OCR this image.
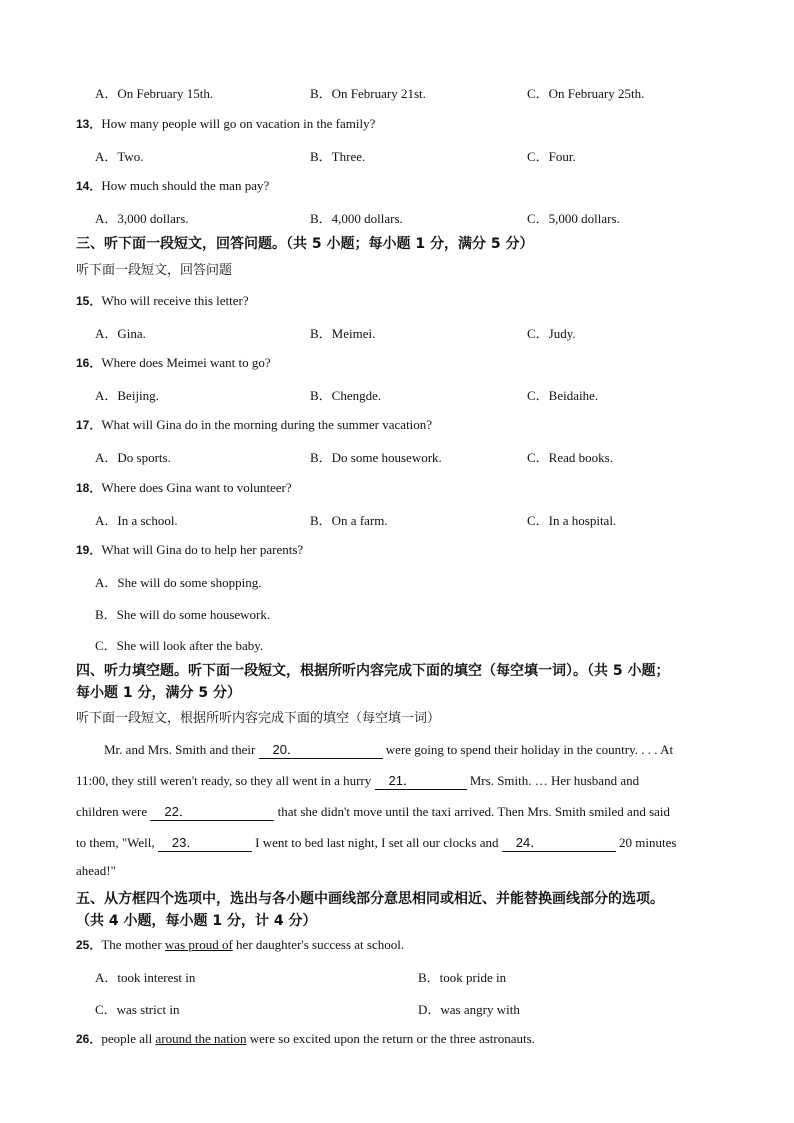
A．On February 15th.	B．On February 21st.	C．On February 25th.
13．How many people will go on vacation in the family?
A．Two.	B．Three.	C．Four.
14．How much should the man pay?
A．3,000 dollars.	B．4,000 dollars.	C．5,000 dollars.
三、听下面一段短文，回答问题。（共 5 小题；每小题 1 分，满分 5 分）
听下面一段短文，回答问题
15．Who will receive this letter?
A．Gina.	B．Meimei.	C．Judy.
16．Where does Meimei want to go?
A．Beijing.	B．Chengde.	C．Beidaihe.
17．What will Gina do in the morning during the summer vacation?
A．Do sports.	B．Do some housework.	C．Read books.
18．Where does Gina want to volunteer?
A．In a school.	B．On a farm.	C．In a hospital.
19．What will Gina do to help her parents?
A．She will do some shopping.
B．She will do some housework.
C．She will look after the baby.
四、听力填空题。听下面一段短文，根据所听内容完成下面的填空（每空填一词）。（共 5 小题；
每小题 1 分，满分 5 分）
听下面一段短文，根据所听内容完成下面的填空（每空填一词）
Mr. and Mrs. Smith and their 20．	were going to spend their holiday in the country. . . . At
11:00, they still weren't ready, so they all went in a hurry 21．	Mrs. Smith. … Her husband and
children were 22．	that she didn't move until the taxi arrived. Then Mrs. Smith smiled and said
to them, "Well, 23．	I went to bed last night, I set all our clocks and 24．	20 minutes
ahead!"
五、从方框四个选项中，选出与各小题中画线部分意思相同或相近、并能替换画线部分的选项。
（共 4 小题，每小题 1 分，计 4 分）
25．The mother was proud of her daughter's success at school.
A．took interest in	B．took pride in
C．was strict in	D．was angry with
26．people all around the nation were so excited upon the return or the three astronauts.
